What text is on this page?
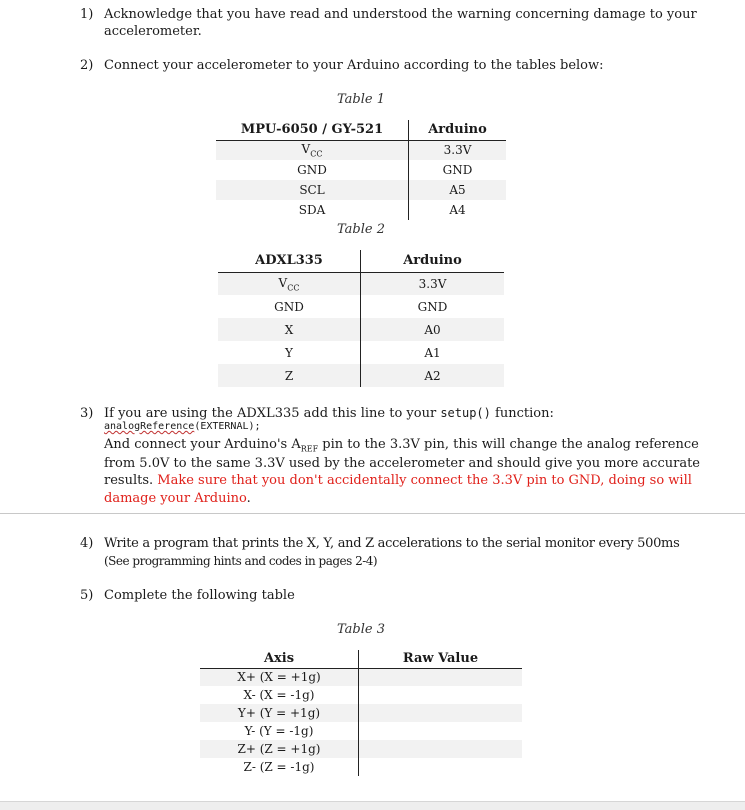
1) Acknowledge that you have read and understood the warning concerning damage to your
accelerometer.
2) Connect your accelerometer to your Arduino according to the tables below:
Table 1
MPU-6050 / GY-521	Arduino
$V_{CC}$	3.3V
GND	GND
SCL	A5
SDA	A4
Table 2
ADXL335	Arduino
$V_{CC}$	3.3V
GND	GND
X	A0
Y	A1
Z	A2
3) If you are using the ADXL335 add this line to your setup() function:
analogReference(EXTERNAL);
And connect your Arduino's $A_{REF}$ pin to the 3.3V pin, this will change the analog reference
from 5.0V to the same 3.3V used by the accelerometer and should give you more accurate
results. Make sure that you don't accidentally connect the 3.3V pin to GND, doing so will
damage your Arduino.
4) Write a program that prints the X, Y, and Z accelerations to the serial monitor every 500ms
(See programming hints and codes in pages 2-4)
5) Complete the following table
Table 3
Axis	Raw Value
X+ (X = +1g)	
X- (X = -1g)	
Y+ (Y = +1g)	
Y- (Y = -1g)	
Z+ (Z = +1g)	
Z- (Z = -1g)	
